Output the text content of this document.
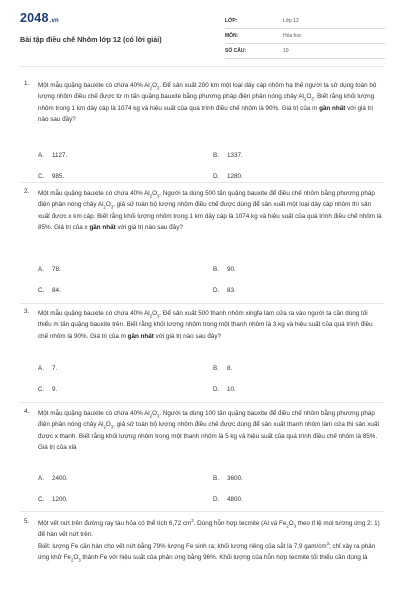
2048.vn
Bài tập điều chế Nhôm lớp 12 (có lời giải)
LỚP:	Lớp 12
MÔN:	Hóa học
SỐ CÂU:	10
1. Một mẫu quặng bauxite có chứa 40% $Al_2O_3$. Để sản xuất 200 km một loại dây cáp nhôm hạ thế người ta sử dụng toàn bộ lượng nhôm điều chế được từ m tấn quặng bauxite bằng phương pháp điện phân nóng chảy $Al_2O_3$. Biết rằng khối lượng nhôm trong 1 km dây cáp là 1074 kg và hiệu suất của quá trình điều chế nhôm là 90%. Giá trị của m gần nhất với giá trị nào sau đây?
A. 1127.	B. 1337.
C. 985.	D. 1280.
2. Một mẫu quặng bauxite có chứa 40% $Al_2O_3$. Người ta dùng 500 tấn quặng bauxite để điều chế nhôm bằng phương pháp điện phân nóng chảy $Al_2O_3$, giả sử toàn bộ lượng nhôm điều chế được dùng để sản xuất một loại dây cáp nhôm thì sản xuất được x km cáp. Biết rằng khối lượng nhôm trong 1 km dây cáp là 1074 kg và hiệu suất của quá trình điều chế nhôm là 85%. Giá trị của x gần nhất với giá trị nào sau đây?
A. 78.	B. 90.
C. 84.	D. 83.
3. Một mẫu quặng bauxite có chứa 40% $Al_2O_3$. Để sản xuất 500 thanh nhôm xingfa làm cửa ra vào người ta cần dùng tối thiểu m tấn quặng bauxite trên. Biết rằng khối lượng nhôm trong một thanh nhôm là 3 kg và hiệu suất của quá trình điều chế nhôm là 90%. Giá trị của m gần nhất với giá trị nào sau đây?
A. 7.	B. 8.
C. 9.	D. 10.
4. Một mẫu quặng bauxite có chứa 40% $Al_2O_3$. Người ta dùng 100 tấn quặng bauxite để điều chế nhôm bằng phương pháp điện phân nóng chảy $Al_2O_3$, giả sử toàn bộ lượng nhôm điều chế được dùng để sản xuất thanh nhôm làm cửa thì sản xuất được x thanh. Biết rằng khối lượng nhôm trong một thanh nhôm là 5 kg và hiệu suất của quá trình điều chế nhôm là 85%. Giá trị của xlà
A. 2400.	B. 3600.
C. 1200.	D. 4800.
5. Một vết nứt trên đường ray tàu hỏa có thể tích 6,72 $cm^3$. Dùng hỗn hợp tecmite (Al và $Fe_2O_3$ theo tỉ lệ mol tương ứng 2: 1) để hàn vết nứt trên.
Biết: lượng Fe cần hàn cho vết nứt bằng 79% lượng Fe sinh ra; khối lượng riêng của sắt là 7,9 gam/$cm^3$; chỉ xảy ra phản ứng khử $Fe_2O_3$ thành Fe với hiệu suất của phản ứng bằng 96%. Khối lượng của hỗn hợp tecmite tối thiểu cần dùng là
